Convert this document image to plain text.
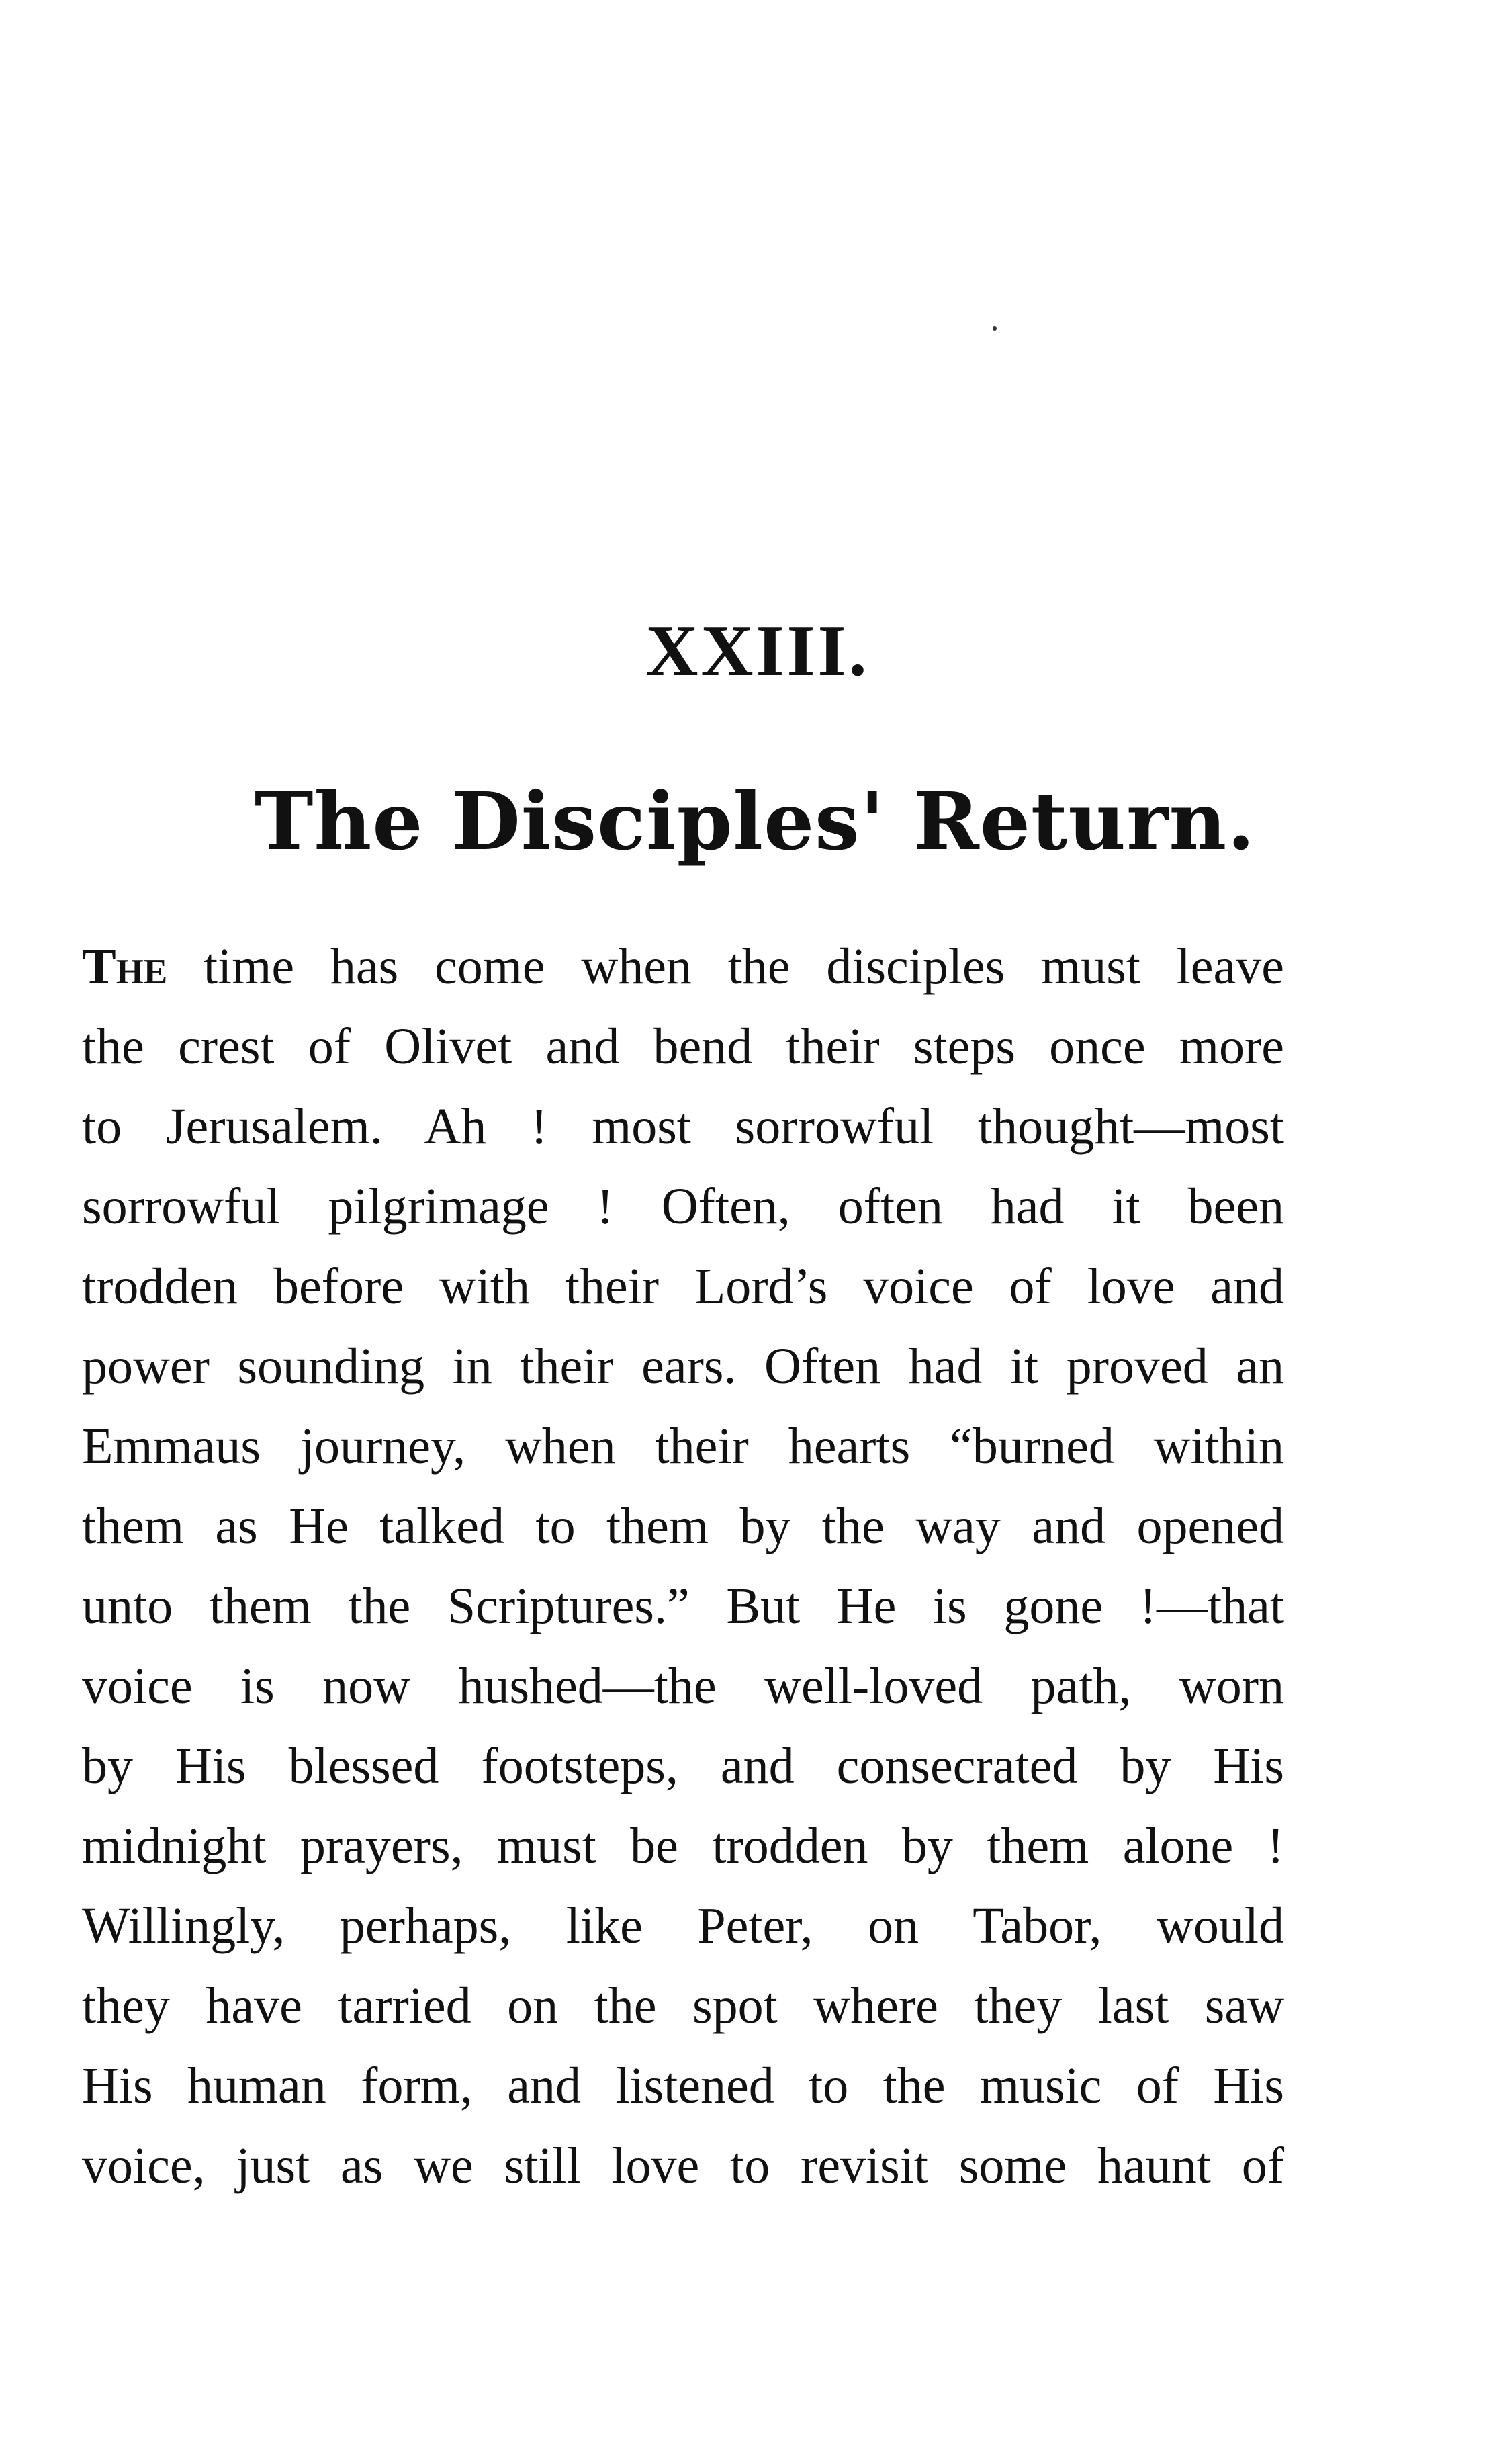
XXIII.
The Disciples' Return.
The time has come when the disciples must leave
the crest of Olivet and bend their steps once more
to Jerusalem. Ah ! most sorrowful thought—most
sorrowful pilgrimage ! Often, often had it been
trodden before with their Lord’s voice of love and
power sounding in their ears. Often had it proved an
Emmaus journey, when their hearts “burned within
them as He talked to them by the way and opened
unto them the Scriptures.” But He is gone !—that
voice is now hushed—the well-loved path, worn
by His blessed footsteps, and consecrated by His
midnight prayers, must be trodden by them alone !
Willingly, perhaps, like Peter, on Tabor, would
they have tarried on the spot where they last saw
His human form, and listened to the music of His
voice, just as we still love to revisit some haunt of
